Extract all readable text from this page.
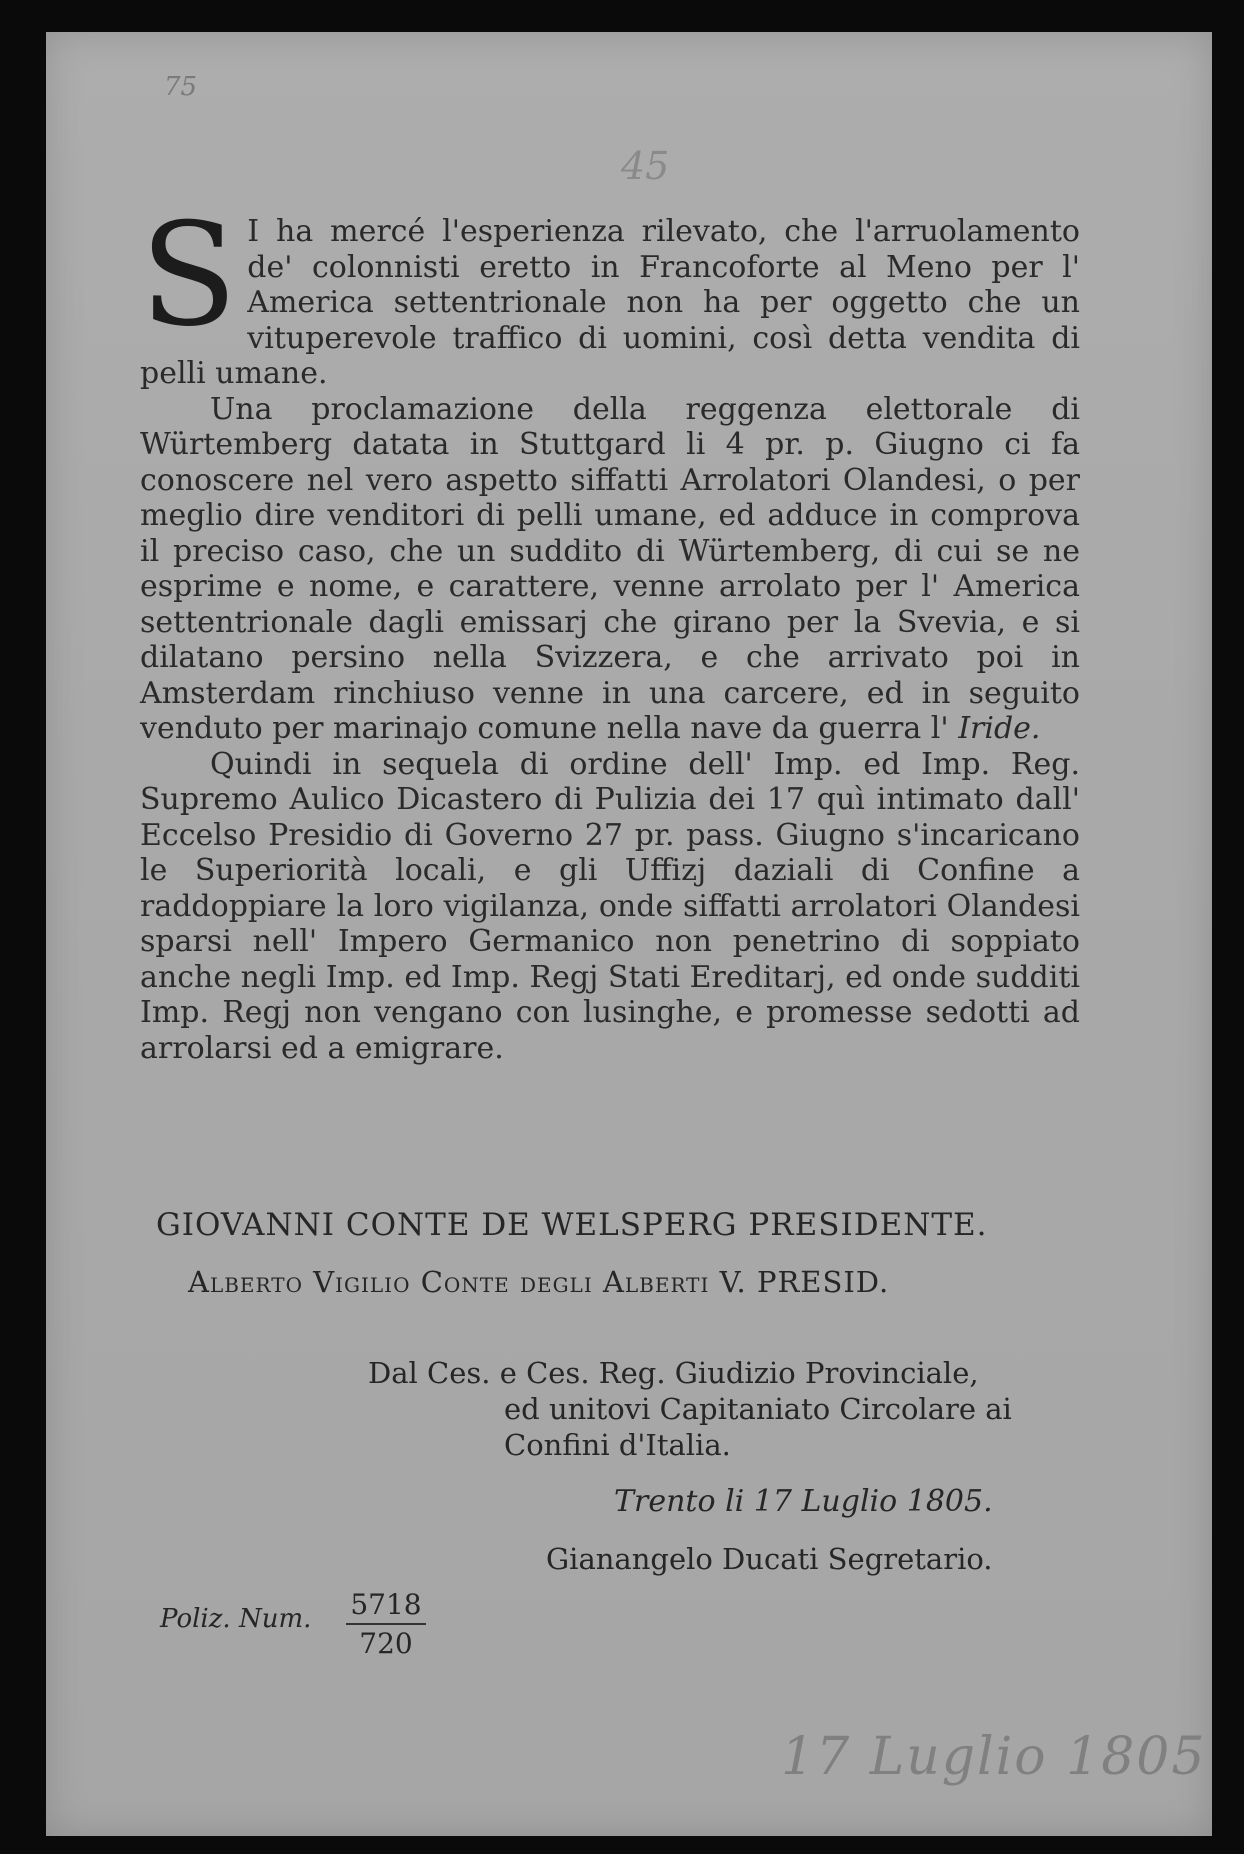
75
45

S I ha mercé l'esperienza rilevato, che l'arruolamento de' colonnisti eretto in Francoforte al Meno per l' America settentrionale non ha per oggetto che un vituperevole traffico di uomini, così detta vendita di pelli umane.

Una proclamazione della reggenza elettorale di Würtemberg datata in Stuttgard li 4 pr. p. Giugno ci fa conoscere nel vero aspetto siffatti Arrolatori Olandesi, o per meglio dire venditori di pelli umane, ed adduce in comprova il preciso caso, che un suddito di Würtemberg, di cui se ne esprime e nome, e carattere, venne arrolato per l' America settentrionale dagli emissarj che girano per la Svevia, e si dilatano persino nella Svizzera, e che arrivato poi in Amsterdam rinchiuso venne in una carcere, ed in seguito venduto per marinajo comune nella nave da guerra l' Iride.

Quindi in sequela di ordine dell' Imp. ed Imp. Reg. Supremo Aulico Dicastero di Pulizia dei 17 quì intimato dall' Eccelso Presidio di Governo 27 pr. pass. Giugno s'incaricano le Superiorità locali, e gli Uffizj daziali di Confine a raddoppiare la loro vigilanza, onde siffatti arrolatori Olandesi sparsi nell' Impero Germanico non penetrino di soppiato anche negli Imp. ed Imp. Regj Stati Ereditarj, ed onde sudditi Imp. Regj non vengano con lusinghe, e promesse sedotti ad arrolarsi ed a emigrare.

GIOVANNI CONTE DE WELSPERG PRESIDENTE.
Alberto Vigilio Conte degli Alberti V. PRESID.
Dal Ces. e Ces. Reg. Giudizio Provinciale,
ed unitovi Capitaniato Circolare ai
Confini d'Italia.
Trento li 17 Luglio 1805.
Gianangelo Ducati Segretario.
Poliz. Num. $\frac{5718}{720}$
17 Luglio 1805
